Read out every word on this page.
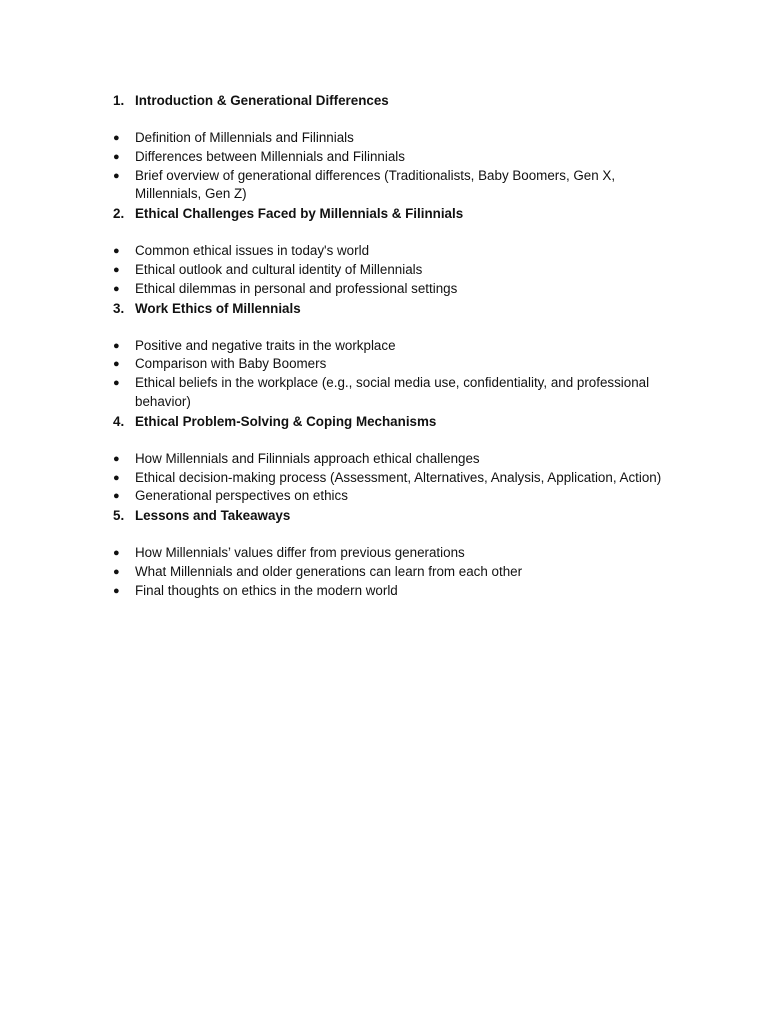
1. Introduction & Generational Differences
● Definition of Millennials and Filinnials
● Differences between Millennials and Filinnials
● Brief overview of generational differences (Traditionalists, Baby Boomers, Gen X, Millennials, Gen Z)
2. Ethical Challenges Faced by Millennials & Filinnials
● Common ethical issues in today's world
● Ethical outlook and cultural identity of Millennials
● Ethical dilemmas in personal and professional settings
3. Work Ethics of Millennials
● Positive and negative traits in the workplace
● Comparison with Baby Boomers
● Ethical beliefs in the workplace (e.g., social media use, confidentiality, and professional behavior)
4. Ethical Problem-Solving & Coping Mechanisms
● How Millennials and Filinnials approach ethical challenges
● Ethical decision-making process (Assessment, Alternatives, Analysis, Application, Action)
● Generational perspectives on ethics
5. Lessons and Takeaways
● How Millennials’ values differ from previous generations
● What Millennials and older generations can learn from each other
● Final thoughts on ethics in the modern world
